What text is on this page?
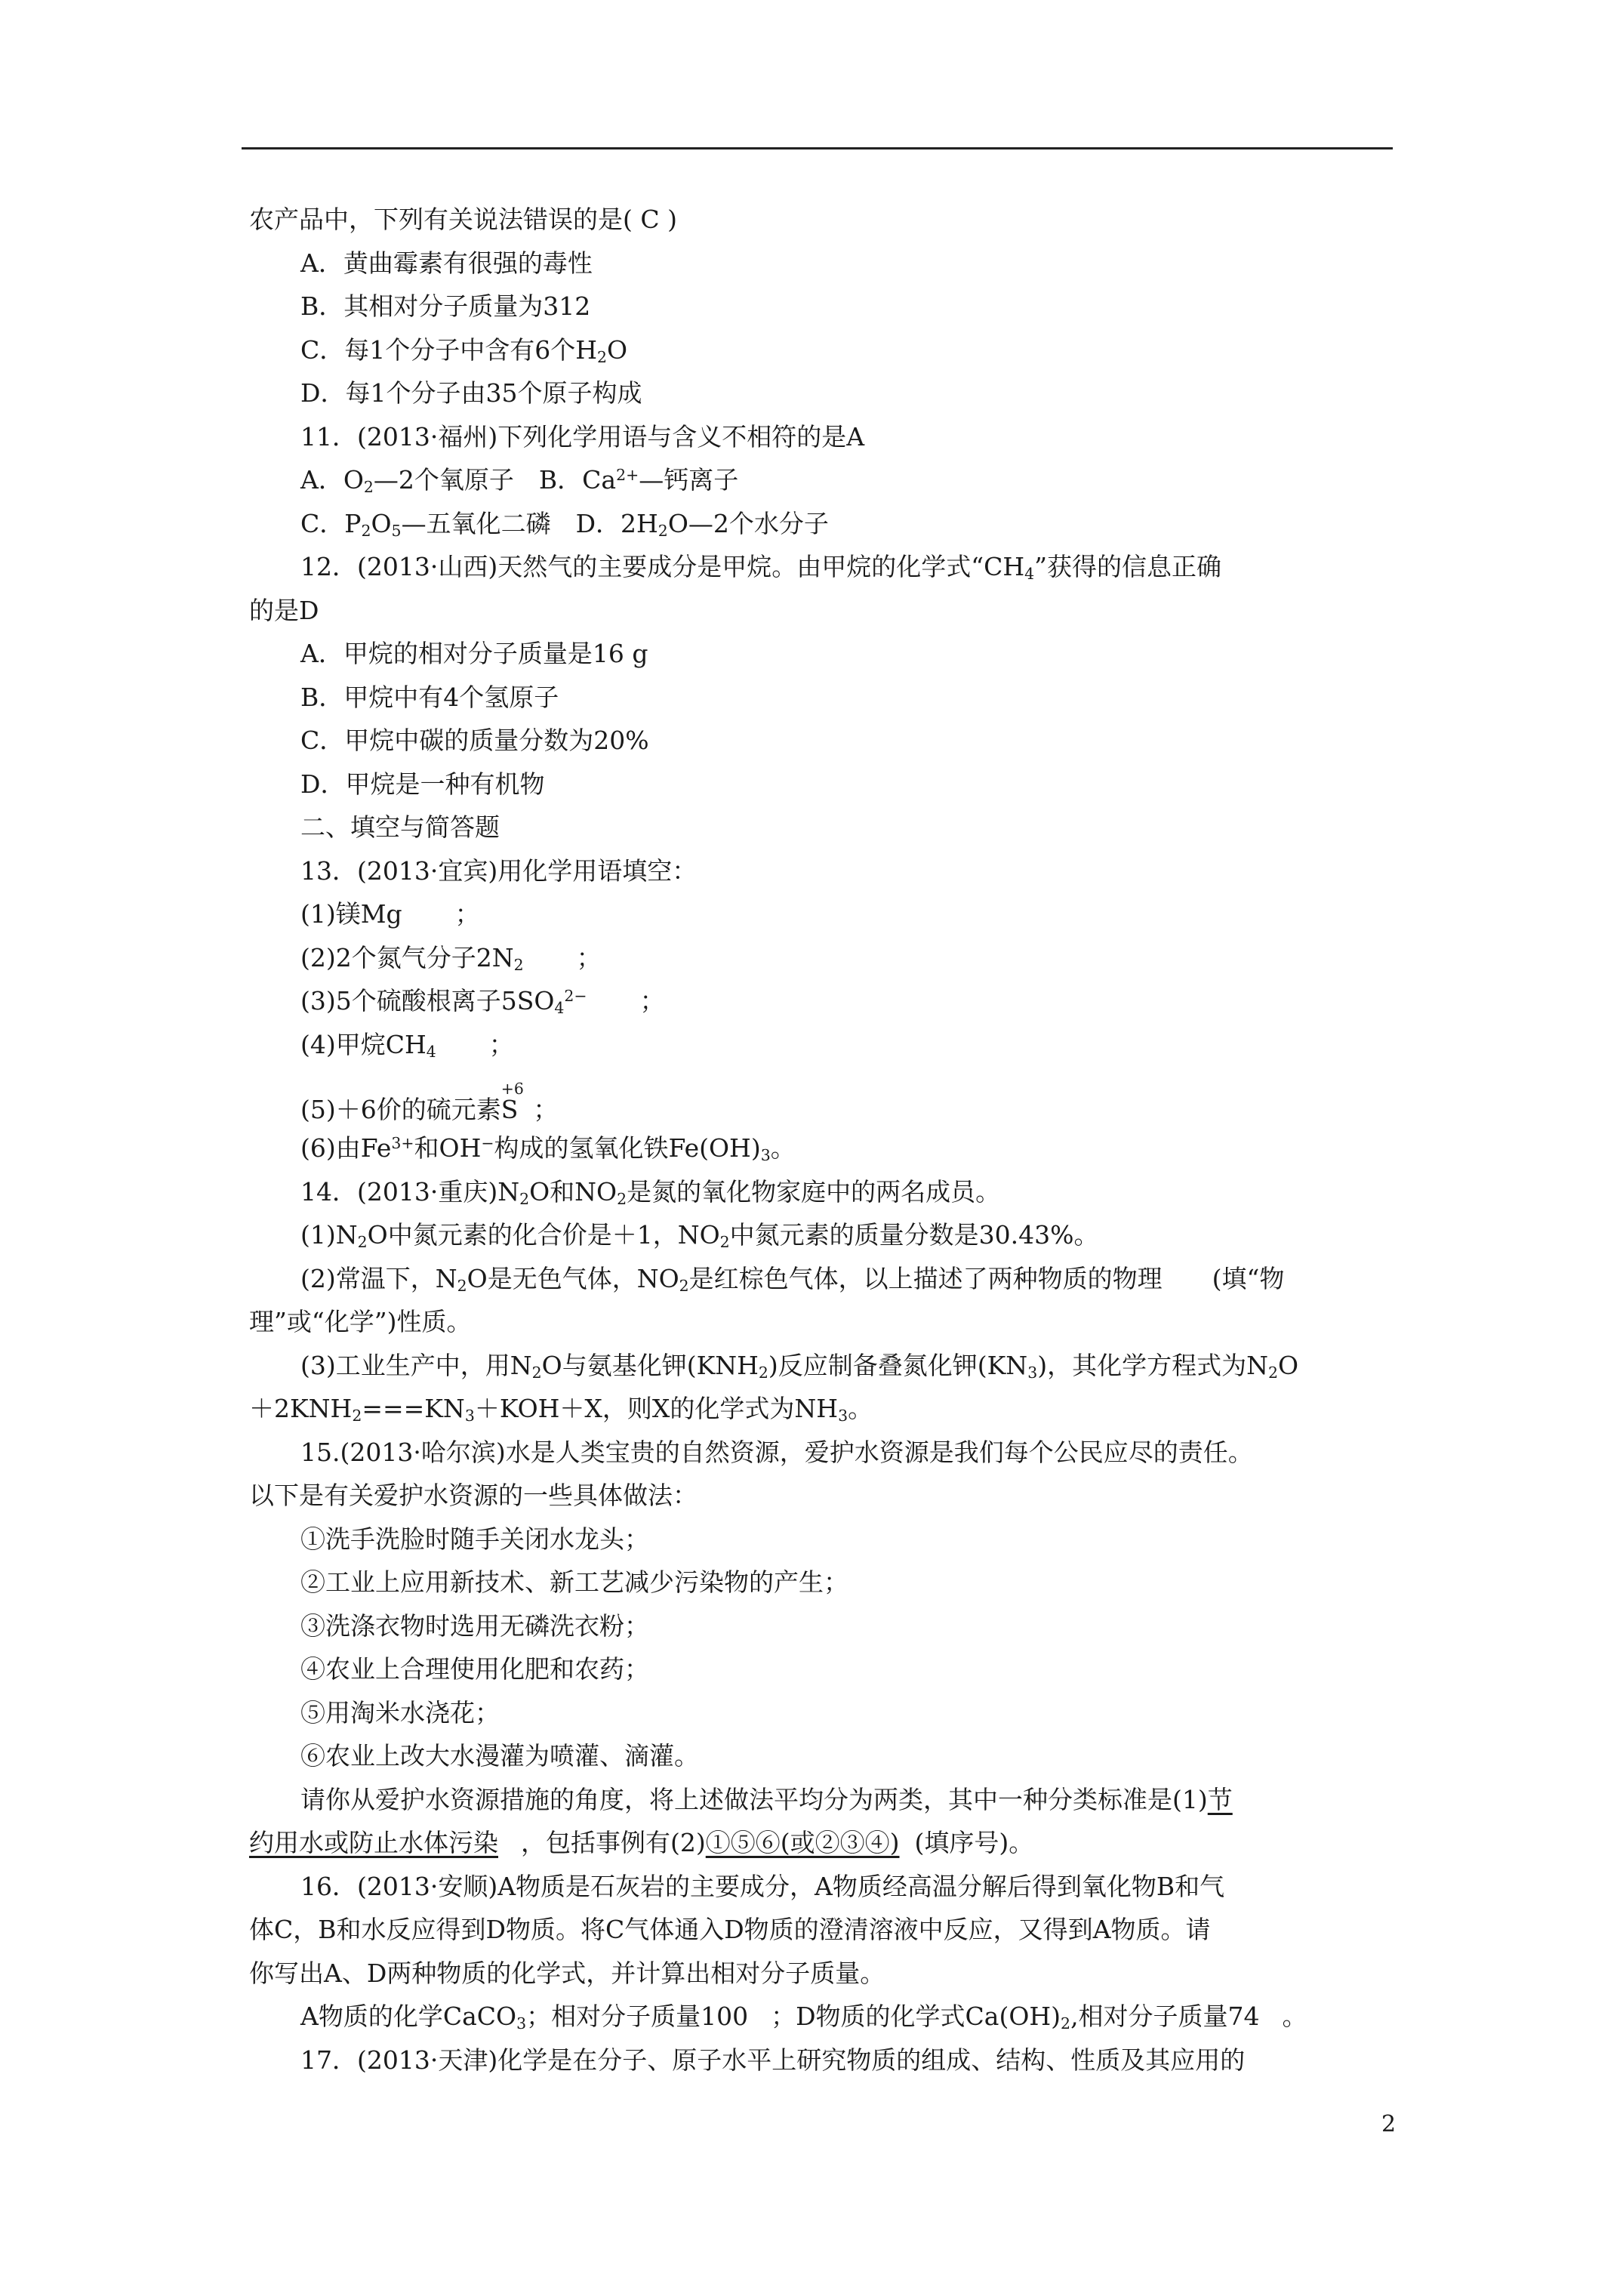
农产品中，下列有关说法错误的是( C )
A．黄曲霉素有很强的毒性
B．其相对分子质量为312
C．每1个分子中含有6个$H_2O$
D．每1个分子由35个原子构成
11．(2013·福州)下列化学用语与含义不相符的是A
A．$O_2—2$个氧原子　B．$Ca^{2+}—$钙离子
C．$P_2O_5—$五氧化二磷　D．$2H_2O—2$个水分子
12．(2013·山西)天然气的主要成分是甲烷。由甲烷的化学式“$CH_4$”获得的信息正确
的是D
A．甲烷的相对分子质量是16 g
B．甲烷中有4个氢原子
C．甲烷中碳的质量分数为20%
D．甲烷是一种有机物
二、填空与简答题
13．(2013·宜宾)用化学用语填空：
(1)镁Mg ；
(2)2个氮气分子$2N_2$ ；
(3)5个硫酸根离子$5SO_4^{2-}$ ；
(4)甲烷$CH_4$ ；
(5)＋6价的硫元素
+6
S ；
(6)由$Fe^{3+}$和OH−构成的氢氧化铁$Fe(OH)_3$。
14．(2013·重庆)$N_2O$和$NO_2$是氮的氧化物家庭中的两名成员。
$(1)N_2O$中氮元素的化合价是＋1，$NO_2$中氮元素的质量分数是30.43%。
(2)常温下，$N_2O$是无色气体，$NO_2$是红棕色气体，以上描述了两种物质的物理　　(填“物
理”或“化学”)性质。
(3)工业生产中，用$N_2O$与氨基化钾$(KNH_2)$反应制备叠氮化钾$(KN_3)$，其化学方程式为$N_2O$
$+2KNH_2===KN_3+KOH+X$，则X的化学式为$NH_3$。
15.(2013·哈尔滨)水是人类宝贵的自然资源，爱护水资源是我们每个公民应尽的责任。
以下是有关爱护水资源的一些具体做法：
①洗手洗脸时随手关闭水龙头；
②工业上应用新技术、新工艺减少污染物的产生；
③洗涤衣物时选用无磷洗衣粉；
④农业上合理使用化肥和农药；
⑤用淘米水浇花；
⑥农业上改大水漫灌为喷灌、滴灌。
请你从爱护水资源措施的角度，将上述做法平均分为两类，其中一种分类标准是(1)节
约用水或防止水体污染 ，包括事例有(2)①⑤⑥(或②③④) (填序号)。
16．(2013·安顺)A物质是石灰岩的主要成分，A物质经高温分解后得到氧化物B和气
体C，B和水反应得到D物质。将C气体通入D物质的澄清溶液中反应，又得到A物质。请
你写出A、D两种物质的化学式，并计算出相对分子质量。
A物质的化学CaCO$_3$；相对分子质量100 ；D物质的化学式$Ca(OH)_2$,相对分子质量74 。
17．(2013·天津)化学是在分子、原子水平上研究物质的组成、结构、性质及其应用的
2
